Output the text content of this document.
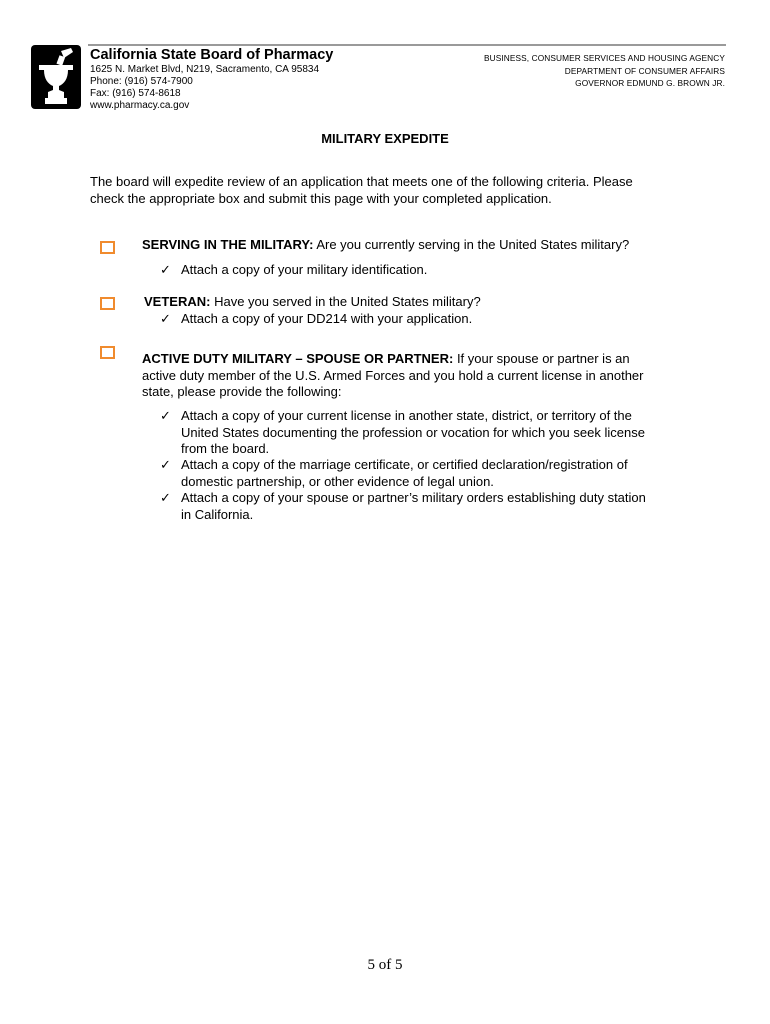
California State Board of Pharmacy
1625 N. Market Blvd, N219, Sacramento, CA 95834
Phone: (916) 574-7900
Fax: (916) 574-8618
www.pharmacy.ca.gov
BUSINESS, CONSUMER SERVICES AND HOUSING AGENCY
DEPARTMENT OF CONSUMER AFFAIRS
GOVERNOR EDMUND G. BROWN JR.
MILITARY EXPEDITE
The board will expedite review of an application that meets one of the following criteria. Please
check the appropriate box and submit this page with your completed application.
SERVING IN THE MILITARY: Are you currently serving in the United States military?
✓ Attach a copy of your military identification.
VETERAN: Have you served in the United States military?
✓ Attach a copy of your DD214 with your application.
ACTIVE DUTY MILITARY – SPOUSE OR PARTNER: If your spouse or partner is an
active duty member of the U.S. Armed Forces and you hold a current license in another
state, please provide the following:
✓ Attach a copy of your current license in another state, district, or territory of the
United States documenting the profession or vocation for which you seek license
from the board.
✓ Attach a copy of the marriage certificate, or certified declaration/registration of
domestic partnership, or other evidence of legal union.
✓ Attach a copy of your spouse or partner’s military orders establishing duty station
in California.
5 of 5
